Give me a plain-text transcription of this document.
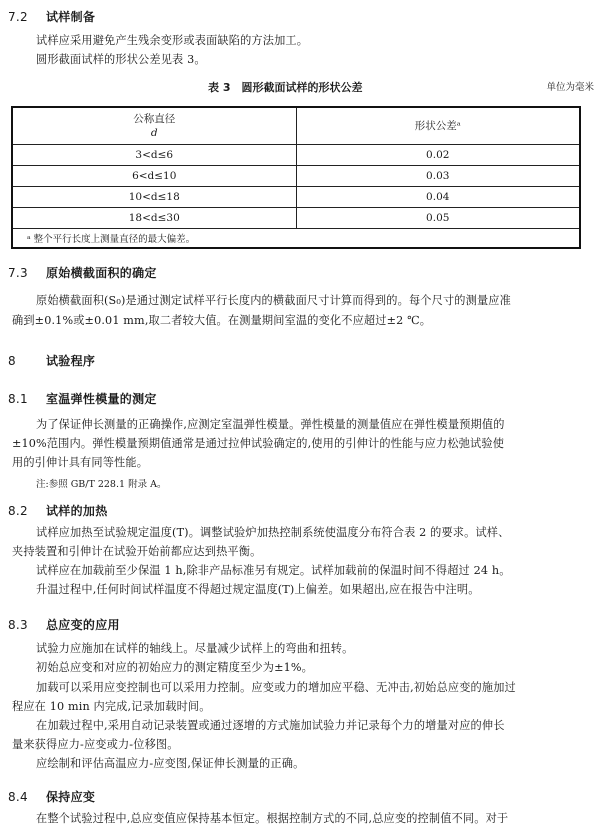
7.2 试样制备
试样应采用避免产生残余变形或表面缺陷的方法加工。
圆形截面试样的形状公差见表 3。
表 3　圆形截面试样的形状公差	单位为毫米
公称直径
d	形状公差ᵃ
3<d≤6	0.02
6<d≤10	0.03
10<d≤18	0.04
18<d≤30	0.05
ᵃ 整个平行长度上测量直径的最大偏差。	
7.3 原始横截面积的确定
原始横截面积(S₀)是通过测定试样平行长度内的横截面尺寸计算而得到的。每个尺寸的测量应准
确到±0.1%或±0.01 mm,取二者较大值。在测量期间室温的变化不应超过±2 ℃。
8	试验程序
8.1 室温弹性模量的测定
为了保证伸长测量的正确操作,应测定室温弹性模量。弹性模量的测量值应在弹性模量预期值的
±10%范围内。弹性模量预期值通常是通过拉伸试验确定的,使用的引伸计的性能与应力松弛试验使
用的引伸计具有同等性能。
注:参照 GB/T 228.1 附录 A。
8.2 试样的加热
试样应加热至试验规定温度(T)。调整试验炉加热控制系统使温度分布符合表 2 的要求。试样、
夹持装置和引伸计在试验开始前都应达到热平衡。
试样应在加载前至少保温 1 h,除非产品标准另有规定。试样加载前的保温时间不得超过 24 h。
升温过程中,任何时间试样温度不得超过规定温度(T)上偏差。如果超出,应在报告中注明。
8.3 总应变的应用
试验力应施加在试样的轴线上。尽量减少试样上的弯曲和扭转。
初始总应变和对应的初始应力的测定精度至少为±1%。
加载可以采用应变控制也可以采用力控制。应变或力的增加应平稳、无冲击,初始总应变的施加过
程应在 10 min 内完成,记录加载时间。
在加载过程中,采用自动记录装置或通过逐增的方式施加试验力并记录每个力的增量对应的伸长
量来获得应力-应变或力-位移图。
应绘制和评估高温应力-应变图,保证伸长测量的正确。
8.4 保持应变
在整个试验过程中,总应变值应保持基本恒定。根据控制方式的不同,总应变的控制值不同。对于
